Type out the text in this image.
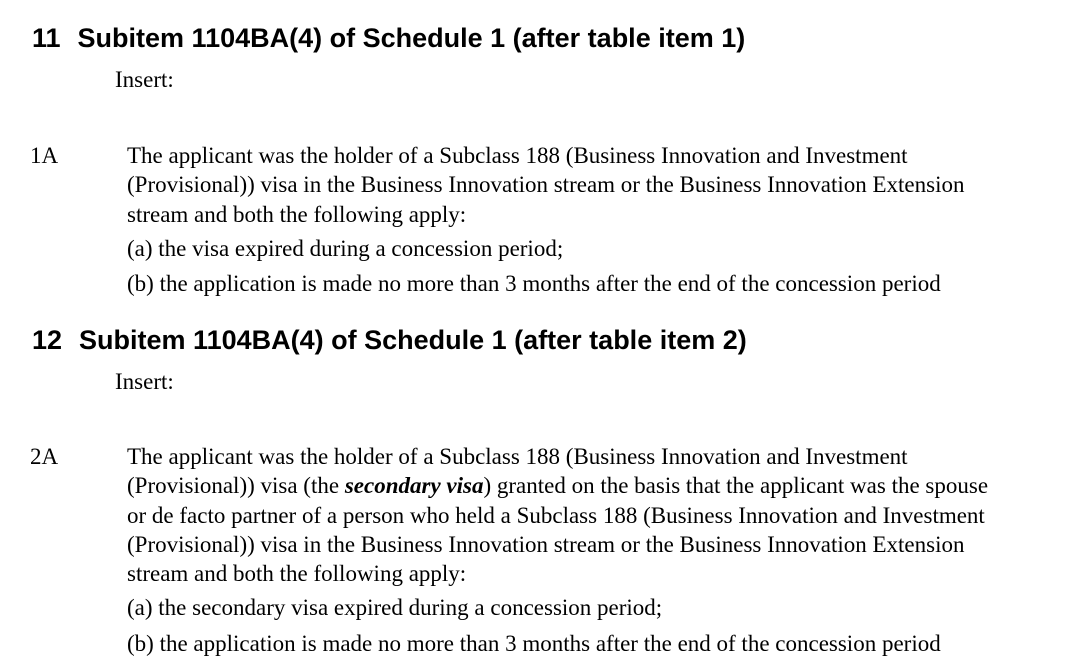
11 Subitem 1104BA(4) of Schedule 1 (after table item 1)

Insert:

1A	The applicant was the holder of a Subclass 188 (Business Innovation and Investment
(Provisional)) visa in the Business Innovation stream or the Business Innovation Extension
stream and both the following apply:

(a) the visa expired during a concession period;

(b) the application is made no more than 3 months after the end of the concession period

12 Subitem 1104BA(4) of Schedule 1 (after table item 2)

Insert:

2A	The applicant was the holder of a Subclass 188 (Business Innovation and Investment
(Provisional)) visa (the secondary visa) granted on the basis that the applicant was the spouse
or de facto partner of a person who held a Subclass 188 (Business Innovation and Investment
(Provisional)) visa in the Business Innovation stream or the Business Innovation Extension
stream and both the following apply:

(a) the secondary visa expired during a concession period;

(b) the application is made no more than 3 months after the end of the concession period
